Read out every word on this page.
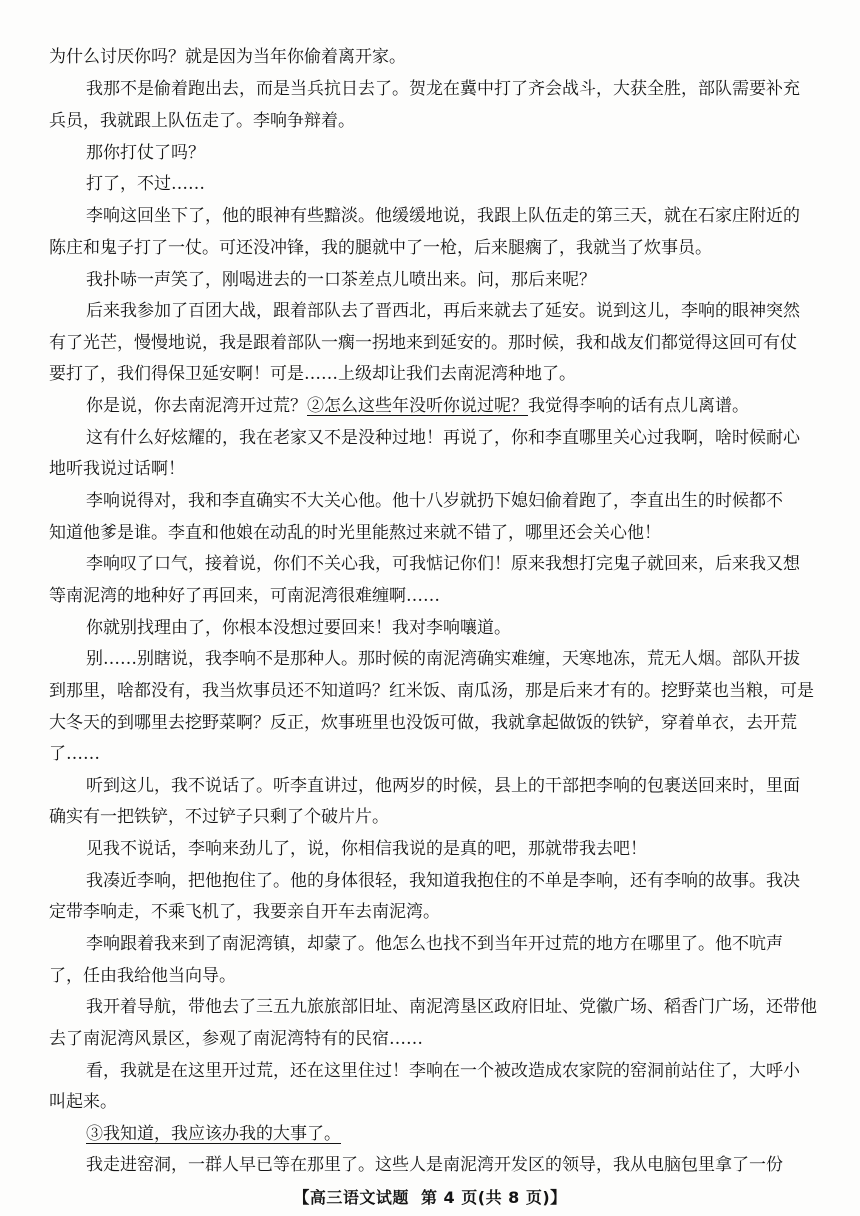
为什么讨厌你吗？就是因为当年你偷着离开家。
我那不是偷着跑出去，而是当兵抗日去了。贺龙在冀中打了齐会战斗，大获全胜，部队需要补充
兵员，我就跟上队伍走了。李响争辩着。
那你打仗了吗？
打了，不过……
李响这回坐下了，他的眼神有些黯淡。他缓缓地说，我跟上队伍走的第三天，就在石家庄附近的
陈庄和鬼子打了一仗。可还没冲锋，我的腿就中了一枪，后来腿瘸了，我就当了炊事员。
我扑哧一声笑了，刚喝进去的一口茶差点儿喷出来。问，那后来呢？
后来我参加了百团大战，跟着部队去了晋西北，再后来就去了延安。说到这儿，李响的眼神突然
有了光芒，慢慢地说，我是跟着部队一瘸一拐地来到延安的。那时候，我和战友们都觉得这回可有仗
要打了，我们得保卫延安啊！可是……上级却让我们去南泥湾种地了。
你是说，你去南泥湾开过荒？②怎么这些年没听你说过呢？我觉得李响的话有点儿离谱。
这有什么好炫耀的，我在老家又不是没种过地！再说了，你和李直哪里关心过我啊，啥时候耐心
地听我说过话啊！
李响说得对，我和李直确实不大关心他。他十八岁就扔下媳妇偷着跑了，李直出生的时候都不
知道他爹是谁。李直和他娘在动乱的时光里能熬过来就不错了，哪里还会关心他！
李响叹了口气，接着说，你们不关心我，可我惦记你们！原来我想打完鬼子就回来，后来我又想
等南泥湾的地种好了再回来，可南泥湾很难缠啊……
你就别找理由了，你根本没想过要回来！我对李响嚷道。
别……别瞎说，我李响不是那种人。那时候的南泥湾确实难缠，天寒地冻，荒无人烟。部队开拔
到那里，啥都没有，我当炊事员还不知道吗？红米饭、南瓜汤，那是后来才有的。挖野菜也当粮，可是
大冬天的到哪里去挖野菜啊？反正，炊事班里也没饭可做，我就拿起做饭的铁铲，穿着单衣，去开荒
了……
听到这儿，我不说话了。听李直讲过，他两岁的时候，县上的干部把李响的包裹送回来时，里面
确实有一把铁铲，不过铲子只剩了个破片片。
见我不说话，李响来劲儿了，说，你相信我说的是真的吧，那就带我去吧！
我凑近李响，把他抱住了。他的身体很轻，我知道我抱住的不单是李响，还有李响的故事。我决
定带李响走，不乘飞机了，我要亲自开车去南泥湾。
李响跟着我来到了南泥湾镇，却蒙了。他怎么也找不到当年开过荒的地方在哪里了。他不吭声
了，任由我给他当向导。
我开着导航，带他去了三五九旅旅部旧址、南泥湾垦区政府旧址、党徽广场、稻香门广场，还带他
去了南泥湾风景区，参观了南泥湾特有的民宿……
看，我就是在这里开过荒，还在这里住过！李响在一个被改造成农家院的窑洞前站住了，大呼小
叫起来。
③我知道，我应该办我的大事了。
我走进窑洞，一群人早已等在那里了。这些人是南泥湾开发区的领导，我从电脑包里拿了一份
【高三语文试题 第 4 页(共 8 页)】
